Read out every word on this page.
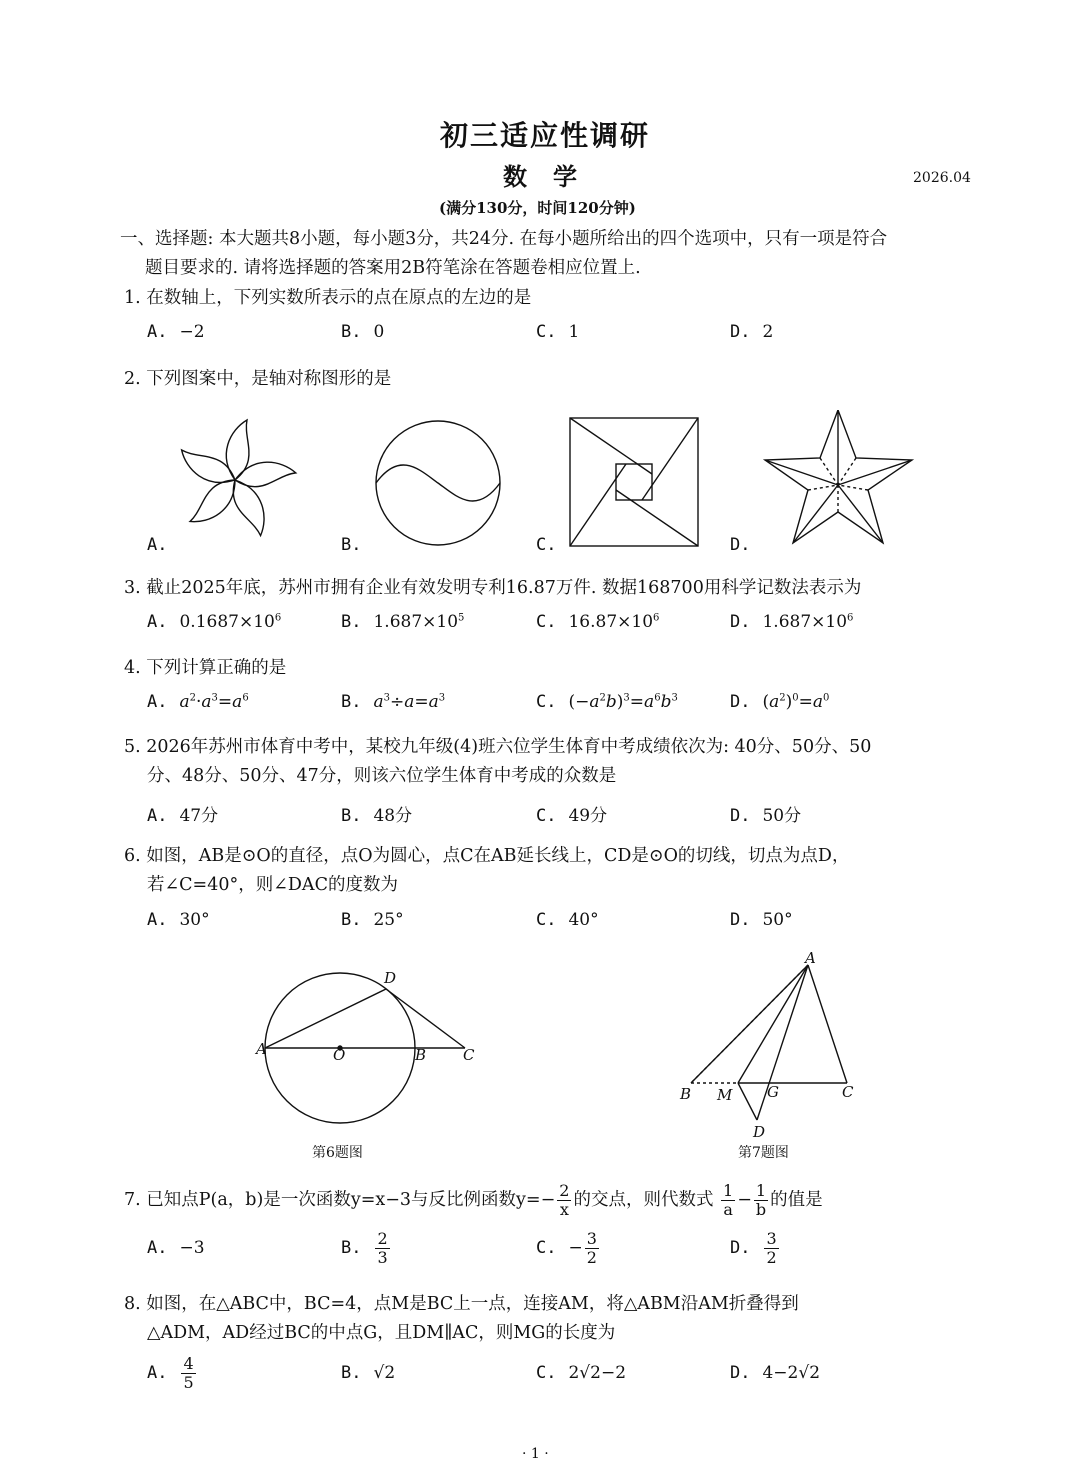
初三适应性调研
数学	2026.04
(满分130分，时间120分钟)
一、选择题: 本大题共8小题，每小题3分，共24分. 在每小题所给出的四个选项中，只有一项是符合
题目要求的. 请将选择题的答案用2B符笔涂在答题卷相应位置上.
1. 在数轴上，下列实数所表示的点在原点的左边的是
A. −2	B. 0	C. 1	D. 2
2. 下列图案中，是轴对称图形的是
A.	B.	C.	D.
3. 截止2025年底，苏州市拥有企业有效发明专利16.87万件. 数据168700用科学记数法表示为
A. $0.1687\times 10^6$	B. $1.687\times 10^5$	C. $16.87\times 10^6$	D. $1.687\times 10^6$
4. 下列计算正确的是
A. $a^2\cdot a^3=a^6$	B. $a^3\div a=a^3$	C. $(-a^2b)^3=a^6b^3$	D. $(a^2)^0=a^0$
5. 2026年苏州市体育中考中，某校九年级(4)班六位学生体育中考成绩依次为: 40分、50分、50
分、48分、50分、47分，则该六位学生体育中考成的众数是
A. 47分	B. 48分	C. 49分	D. 50分
6. 如图，AB是⊙O的直径，点O为圆心，点C在AB延长线上，CD是⊙O的切线，切点为点D，
若∠C=40°，则∠DAC的度数为
A. 30°	B. 25°	C. 40°	D. 50°
A	O	B C
D
第6题图
A
B M G	C
D
第7题图
7. 已知点P(a，b)是一次函数y=x−3与反比例函数$y=- \frac{2}{x}$ 的交点，则代数式 $\frac{1}{a} - \frac{1}{b}$ 的值是
A. −3	B. $\frac{2}{3}$	C. − $\frac{3}{2}$	D. $\frac{3}{2}$
8. 如图，在△ABC中，BC=4，点M是BC上一点，连接AM，将△ABM沿AM折叠得到
△ADM，AD经过BC的中点G，且DM∥AC，则MG的长度为
A. $\frac{4}{5}$	B. √2	C. 2√2−2	D. 4−2√2
· 1 ·
